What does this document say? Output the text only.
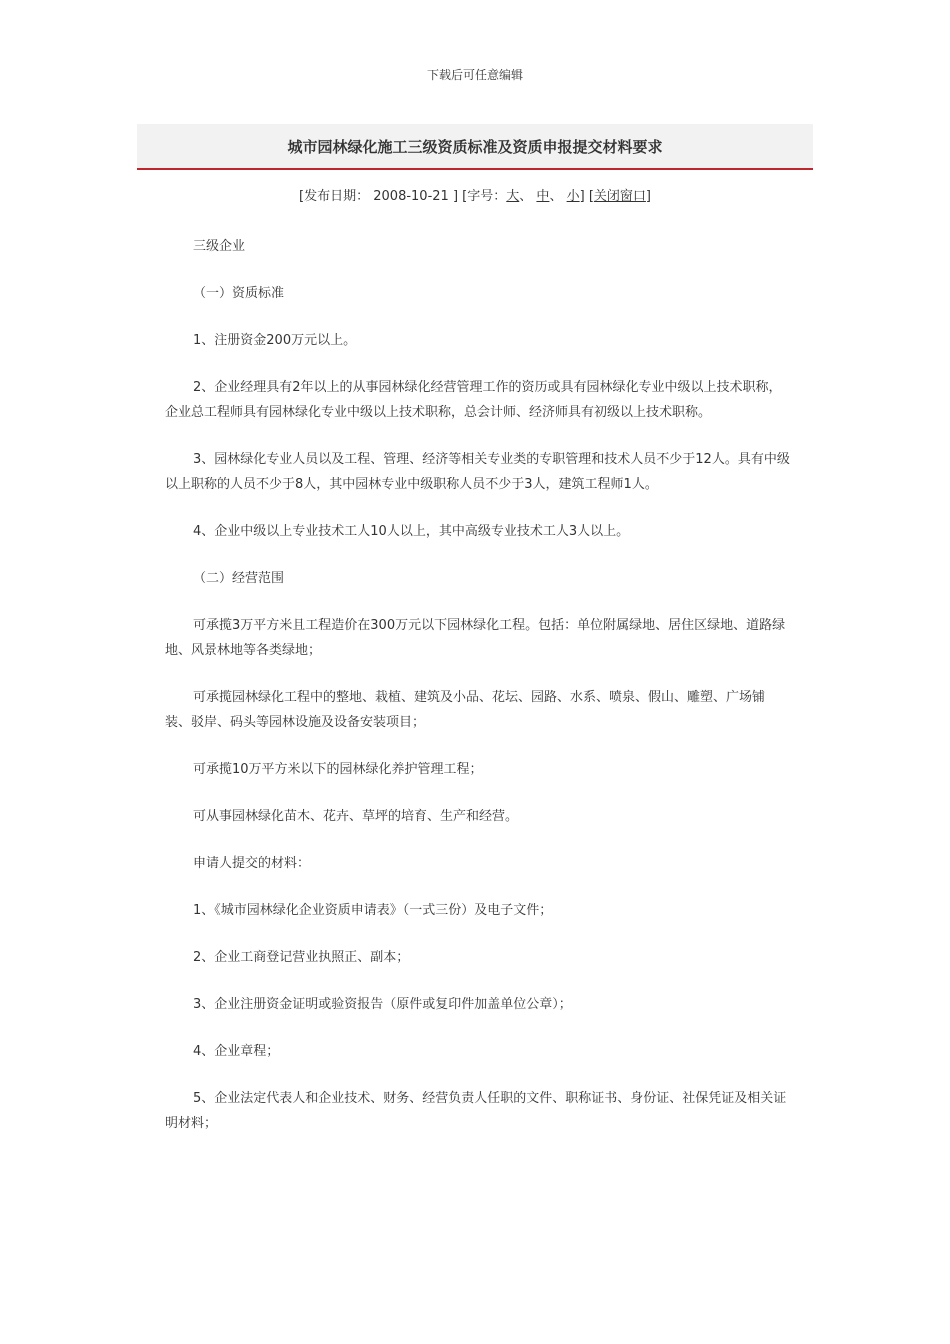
下载后可任意编辑
城市园林绿化施工三级资质标准及资质申报提交材料要求
[发布日期： 2008-10-21 ] [字号：大、 中、 小] [关闭窗口]

三级企业

（一）资质标准

1、注册资金200万元以上。

2、企业经理具有2年以上的从事园林绿化经营管理工作的资历或具有园林绿化专业中级以上技术职称，企业总工程师具有园林绿化专业中级以上技术职称，总会计师、经济师具有初级以上技术职称。

3、园林绿化专业人员以及工程、管理、经济等相关专业类的专职管理和技术人员不少于12人。具有中级以上职称的人员不少于8人，其中园林专业中级职称人员不少于3人，建筑工程师1人。

4、企业中级以上专业技术工人10人以上，其中高级专业技术工人3人以上。

（二）经营范围

可承揽3万平方米且工程造价在300万元以下园林绿化工程。包括：单位附属绿地、居住区绿地、道路绿地、风景林地等各类绿地；

可承揽园林绿化工程中的整地、栽植、建筑及小品、花坛、园路、水系、喷泉、假山、雕塑、广场铺装、驳岸、码头等园林设施及设备安装项目；

可承揽10万平方米以下的园林绿化养护管理工程；

可从事园林绿化苗木、花卉、草坪的培育、生产和经营。

申请人提交的材料：

1、《城市园林绿化企业资质申请表》（一式三份）及电子文件；

2、企业工商登记营业执照正、副本；

3、企业注册资金证明或验资报告（原件或复印件加盖单位公章）；

4、企业章程；

5、企业法定代表人和企业技术、财务、经营负责人任职的文件、职称证书、身份证、社保凭证及相关证明材料；
